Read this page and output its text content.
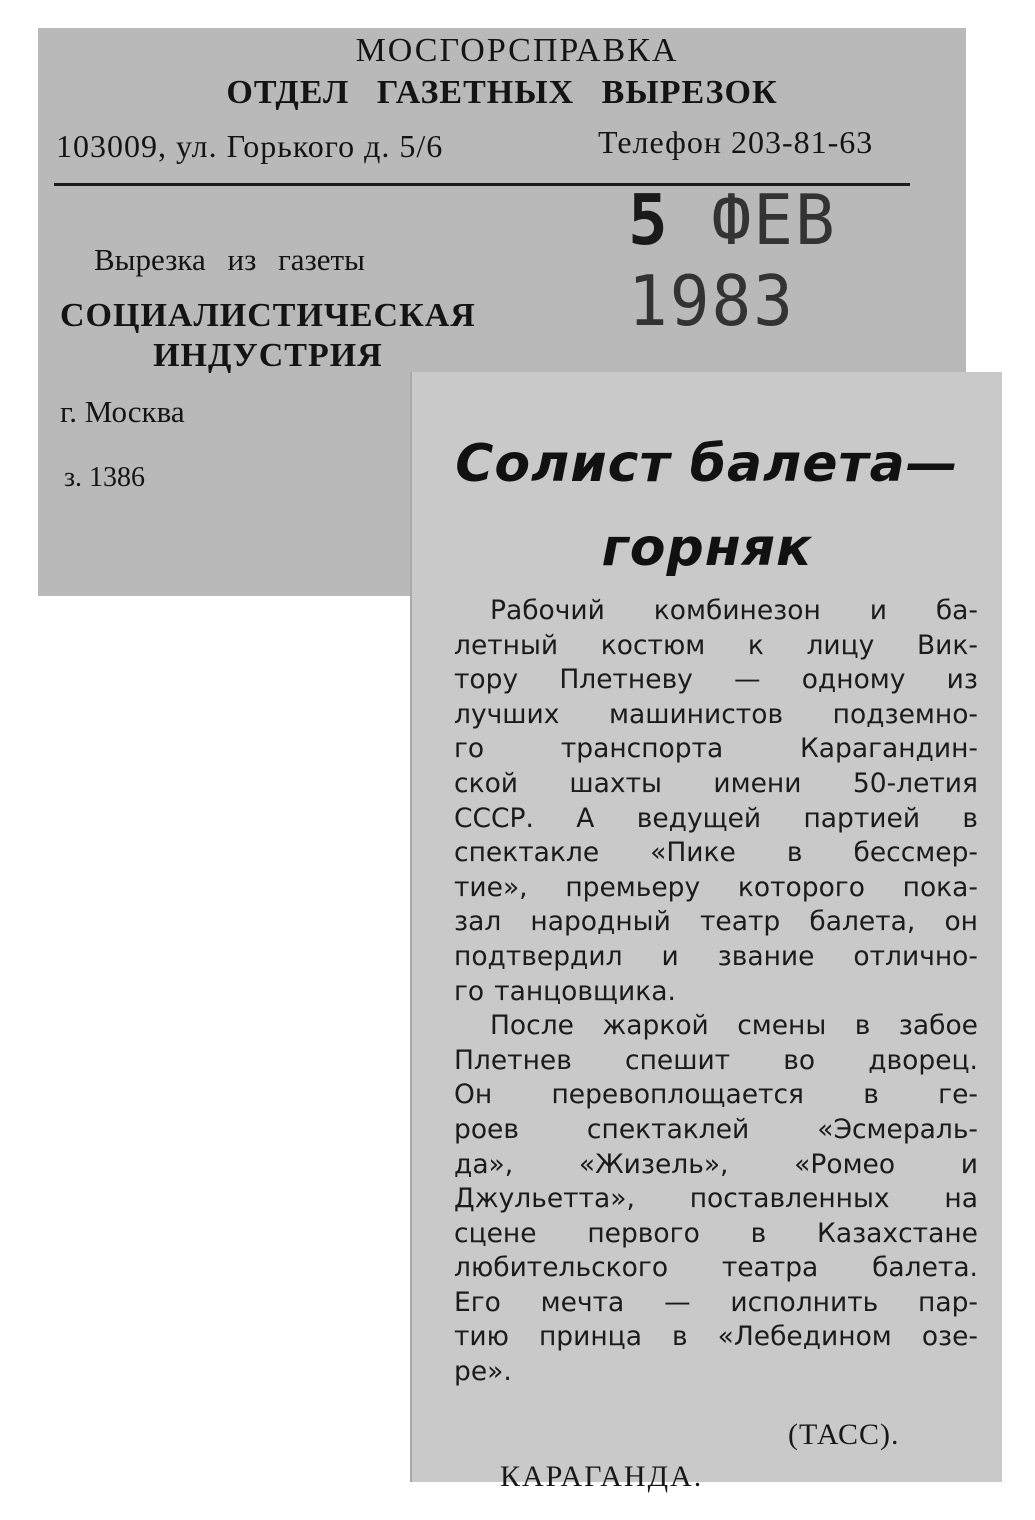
МОСГОРСПРАВКА
ОТДЕЛ ГАЗЕТНЫХ ВЫРЕЗОК
103009, ул. Горького д. 5/6	Телефон 203-81-63
5 ФЕВ 1983
Вырезка из газеты
СОЦИАЛИСТИЧЕСКАЯ
ИНДУСТРИЯ
г. Москва
з. 1386	Солист балета—
горняк
Рабочий комбинезон и ба-
летный костюм к лицу Вик-
тору Плетневу — одному из
лучших машинистов подземно-
го	транспорта	Карагандин-
ской шахты имени 50-летия
СССР. А ведущей партией в
спектакле «Пике в бессмер-
тие», премьеру которого пока-
зал народный театр балета, он
подтвердил и звание отлично-
го танцовщика.
После жаркой смены в забое
Плетнев спешит во дворец.
Он перевоплощается в ге-
роев	спектаклей	«Эсмераль-
да», «Жизель», «Ромео и
Джульетта», поставленных на
сцене первого в Казахстане
любительского театра балета.
Его мечта — исполнить пар-
тию принца в «Лебедином озе-
ре».
(ТАСС).
КАРАГАНДА.
